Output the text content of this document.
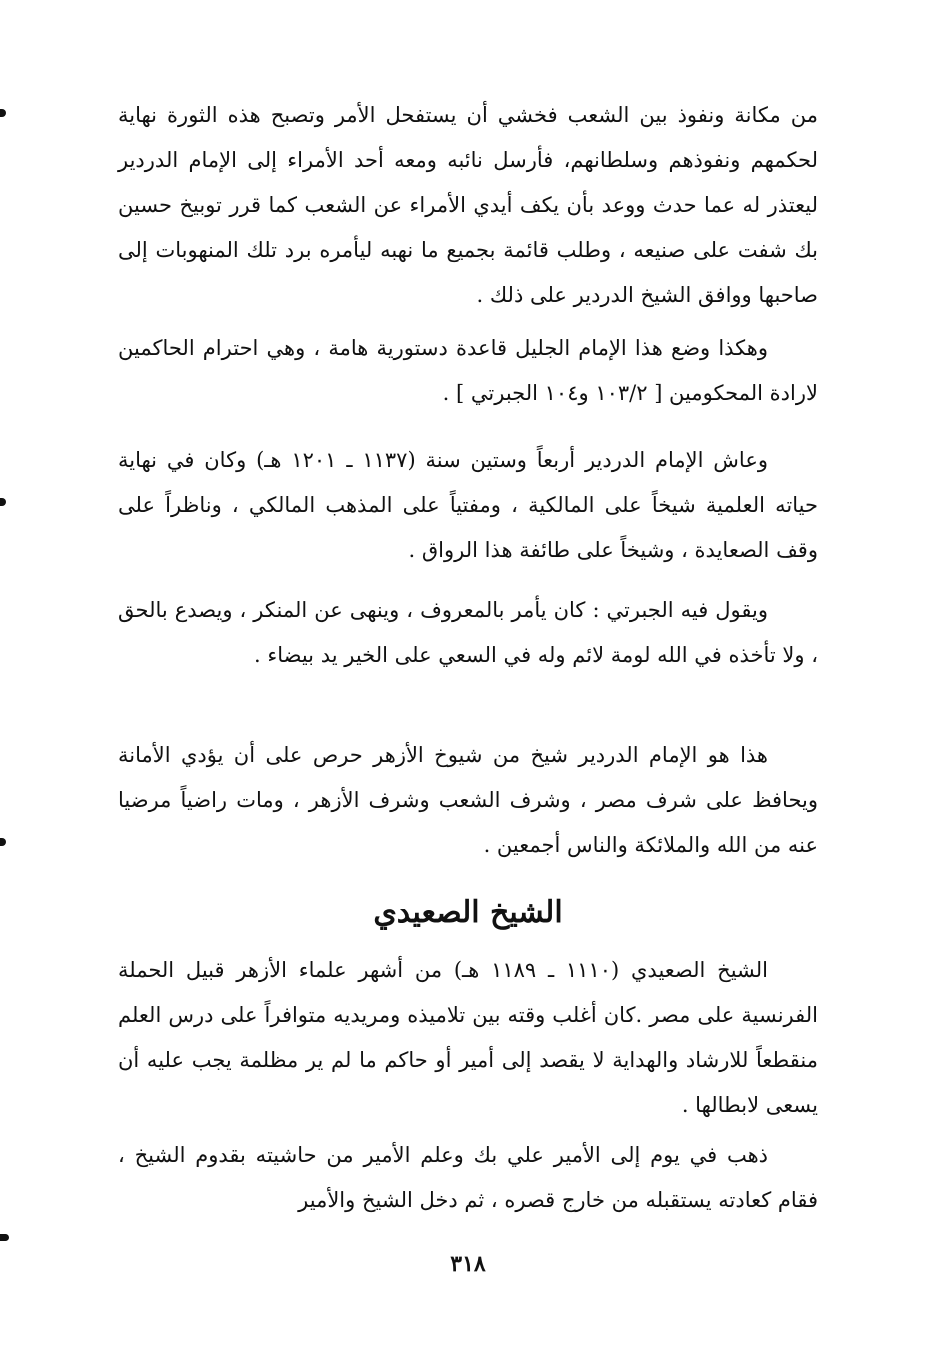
من مكانة ونفوذ بين الشعب فخشي أن يستفحل الأمر وتصبح هذه الثورة نهاية لحكمهم ونفوذهم وسلطانهم، فأرسل نائبه ومعه أحد الأمراء إلى الإمام الدردير ليعتذر له عما حدث ووعد بأن يكف أيدي الأمراء عن الشعب كما قرر توبيخ حسين بك شفت على صنيعه ، وطلب قائمة بجميع ما نهبه ليأمره برد تلك المنهوبات إلى صاحبها ووافق الشيخ الدردير على ذلك .

وهكذا وضع هذا الإمام الجليل قاعدة دستورية هامة ، وهي احترام الحاكمين لارادة المحكومين [ ١٠٣/٢ و١٠٤ الجبرتي ] .

وعاش الإمام الدردير أربعاً وستين سنة (١١٣٧ ـ ١٢٠١ هـ) وكان في نهاية حياته العلمية شيخاً على المالكية ، ومفتياً على المذهب المالكي ، وناظراً على وقف الصعايدة ، وشيخاً على طائفة هذا الرواق .

ويقول فيه الجبرتي : كان يأمر بالمعروف ، وينهى عن المنكر ، ويصدع بالحق ، ولا تأخذه في الله لومة لائم وله في السعي على الخير يد بيضاء .

هذا هو الإمام الدردير شيخ من شيوخ الأزهر حرص على أن يؤدي الأمانة ويحافظ على شرف مصر ، وشرف الشعب وشرف الأزهر ، ومات راضياً مرضيا عنه من الله والملائكة والناس أجمعين .

الشيخ الصعيدي

الشيخ الصعيدي (١١١٠ ـ ١١٨٩ هـ) من أشهر علماء الأزهر قبيل الحملة الفرنسية على مصر .كان أغلب وقته بين تلاميذه ومريديه متوافراً على درس العلم منقطعاً للارشاد والهداية لا يقصد إلى أمير أو حاكم ما لم ير مظلمة يجب عليه أن يسعى لابطالها .

ذهب في يوم إلى الأمير علي بك وعلم الأمير من حاشيته بقدوم الشيخ ، فقام كعادته يستقبله من خارج قصره ، ثم دخل الشيخ والأمير

٣١٨
